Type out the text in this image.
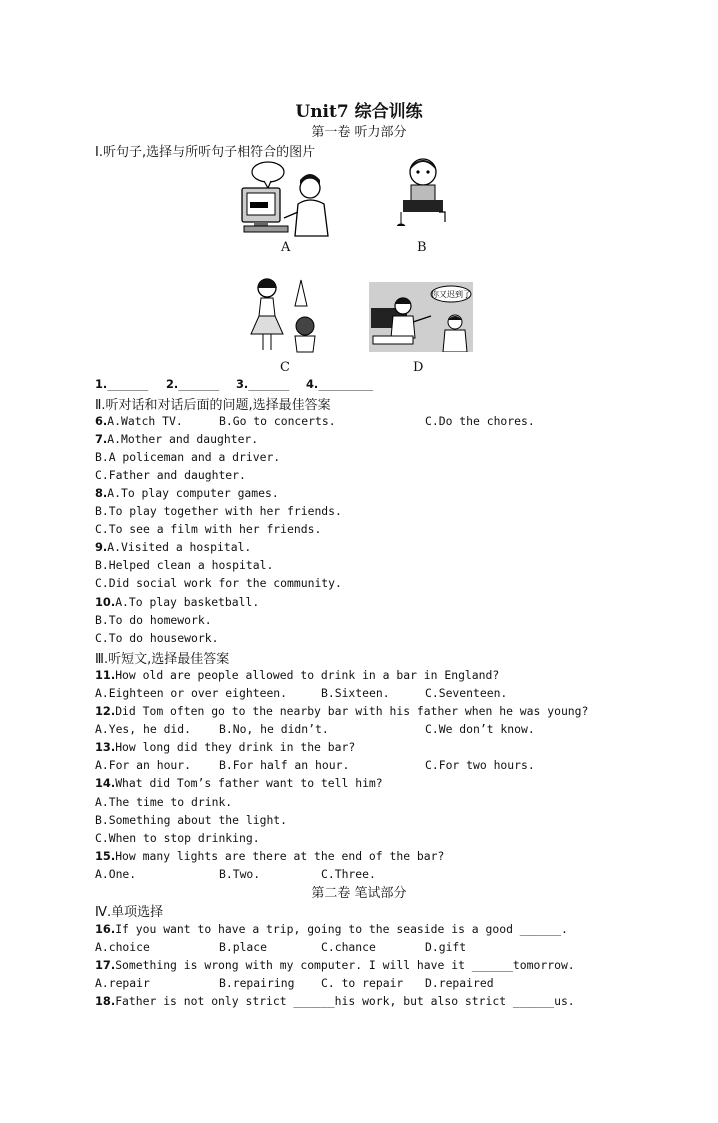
Unit7 综合训练
第一卷 听力部分
Ⅰ.听句子,选择与所听句子相符合的图片
A	B
C
你又迟到了
D
1.______ 2.______ 3.______ 4.________
Ⅱ.听对话和对话后面的问题,选择最佳答案
6.A.Watch TV.	B.Go to concerts.	C.Do the chores.
7.A.Mother and daughter.
B.A policeman and a driver.
C.Father and daughter.
8.A.To play computer games.
B.To play together with her friends.
C.To see a film with her friends.
9.A.Visited a hospital.
B.Helped clean a hospital.
C.Did social work for the community.
10.A.To play basketball.
B.To do homework.
C.To do housework.
Ⅲ.听短文,选择最佳答案
11.How old are people allowed to drink in a bar in England?
A.Eighteen or over eighteen.	B.Sixteen.	C.Seventeen.
12.Did Tom often go to the nearby bar with his father when he was young?
A.Yes, he did. B.No, he didn’t.	C.We don’t know.
13.How long did they drink in the bar?
A.For an hour. B.For half an hour.	C.For two hours.
14.What did Tom’s father want to tell him?
A.The time to drink.
B.Something about the light.
C.When to stop drinking.
15.How many lights are there at the end of the bar?
A.One.	B.Two.	C.Three.
第二卷 笔试部分
Ⅳ.单项选择
16.If you want to have a trip, going to the seaside is a good ______.
A.choice	B.place	C.chance	D.gift
17.Something is wrong with my computer. I will have it ______tomorrow.
A.repair	B.repairing C. to repair D.repaired
18.Father is not only strict ______his work, but also strict ______us.
